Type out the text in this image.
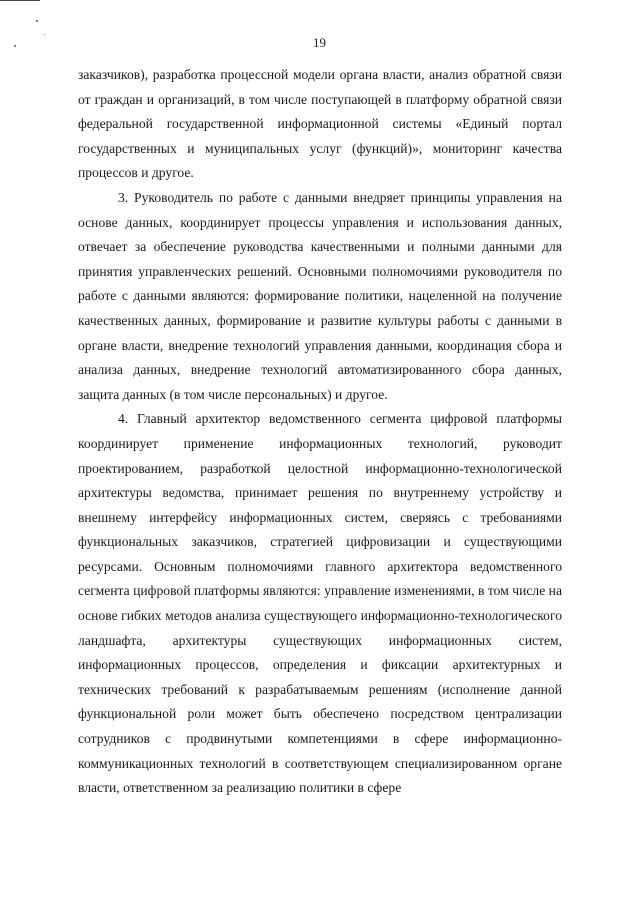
19

заказчиков), разработка процессной модели органа власти, анализ обратной связи от граждан и организаций, в том числе поступающей в платформу обратной связи федеральной государственной информационной системы «Единый портал государственных и муниципальных услуг (функций)», мониторинг качества процессов и другое.

3. Руководитель по работе с данными внедряет принципы управления на основе данных, координирует процессы управления и использования данных, отвечает за обеспечение руководства качественными и полными данными для принятия управленческих решений. Основными полномочиями руководителя по работе с данными являются: формирование политики, нацеленной на получение качественных данных, формирование и развитие культуры работы с данными в органе власти, внедрение технологий управления данными, координация сбора и анализа данных, внедрение технологий автоматизированного сбора данных, защита данных (в том числе персональных) и другое.

4. Главный архитектор ведомственного сегмента цифровой платформы координирует применение информационных технологий, руководит проектированием, разработкой целостной информационно-технологической архитектуры ведомства, принимает решения по внутреннему устройству и внешнему интерфейсу информационных систем, сверяясь с требованиями функциональных заказчиков, стратегией цифровизации и существующими ресурсами. Основным полномочиями главного архитектора ведомственного сегмента цифровой платформы являются: управление изменениями, в том числе на основе гибких методов анализа существующего информационно-технологического ландшафта, архитектуры существующих информационных систем, информационных процессов, определения и фиксации архитектурных и технических требований к разрабатываемым решениям (исполнение данной функциональной роли может быть обеспечено посредством централизации сотрудников с продвинутыми компетенциями в сфере информационно-коммуникационных технологий в соответствующем специализированном органе власти, ответственном за реализацию политики в сфере
